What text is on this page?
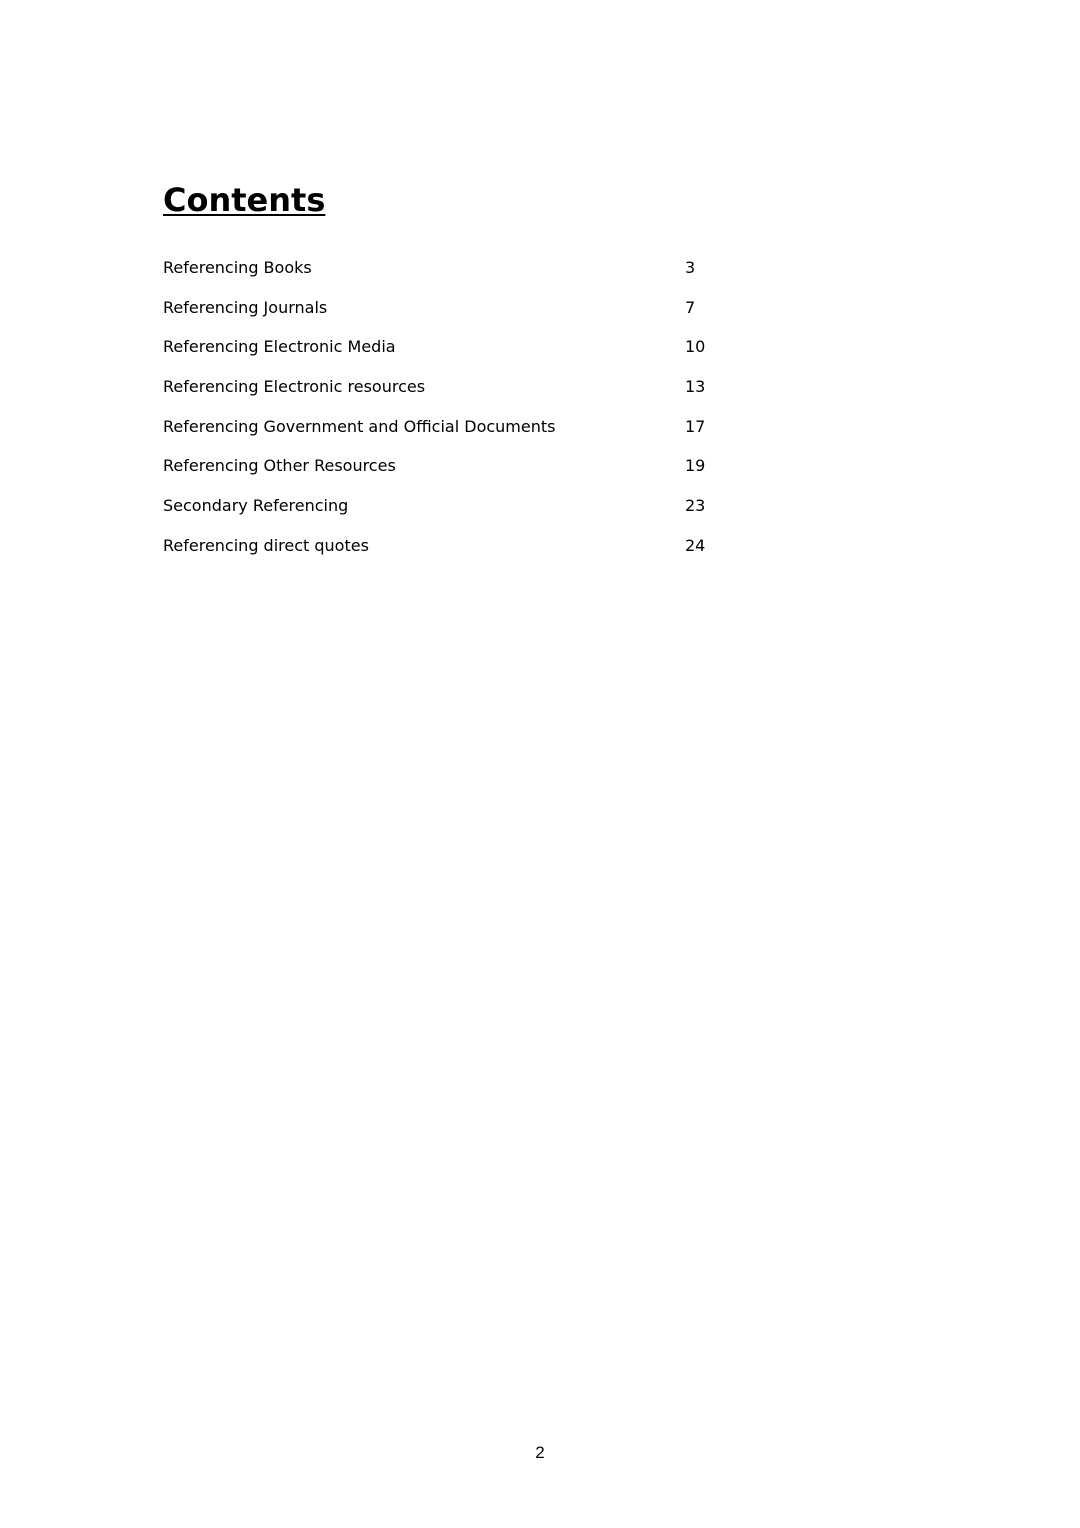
Contents
Referencing Books	3
Referencing Journals	7
Referencing Electronic Media	10
Referencing Electronic resources	13
Referencing Government and Official Documents	17
Referencing Other Resources	19
Secondary Referencing	23
Referencing direct quotes	24
2
